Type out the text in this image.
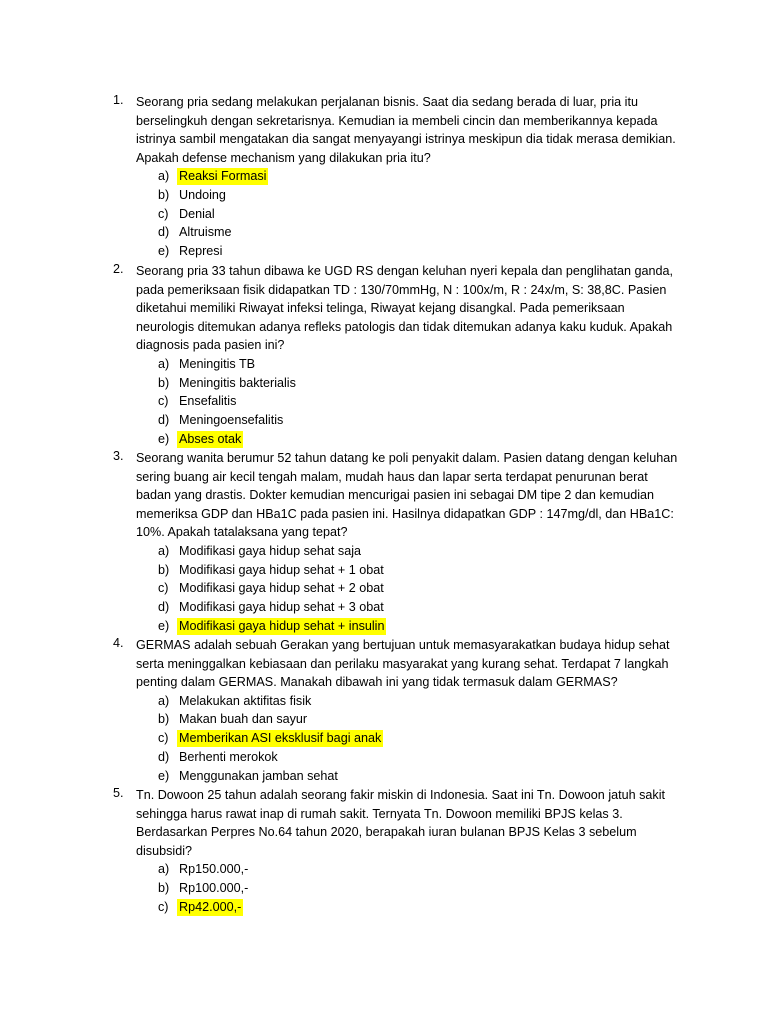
1. Seorang pria sedang melakukan perjalanan bisnis. Saat dia sedang berada di luar, pria itu
berselingkuh dengan sekretarisnya. Kemudian ia membeli cincin dan memberikannya kepada
istrinya sambil mengatakan dia sangat menyayangi istrinya meskipun dia tidak merasa demikian.
Apakah defense mechanism yang dilakukan pria itu?
a) Reaksi Formasi
b) Undoing
c) Denial
d) Altruisme
e) Represi
2. Seorang pria 33 tahun dibawa ke UGD RS dengan keluhan nyeri kepala dan penglihatan ganda,
pada pemeriksaan fisik didapatkan TD : 130/70mmHg, N : 100x/m, R : 24x/m, S: 38,8C. Pasien
diketahui memiliki Riwayat infeksi telinga, Riwayat kejang disangkal. Pada pemeriksaan
neurologis ditemukan adanya refleks patologis dan tidak ditemukan adanya kaku kuduk. Apakah
diagnosis pada pasien ini?
a) Meningitis TB
b) Meningitis bakterialis
c) Ensefalitis
d) Meningoensefalitis
e) Abses otak
3. Seorang wanita berumur 52 tahun datang ke poli penyakit dalam. Pasien datang dengan keluhan
sering buang air kecil tengah malam, mudah haus dan lapar serta terdapat penurunan berat
badan yang drastis. Dokter kemudian mencurigai pasien ini sebagai DM tipe 2 dan kemudian
memeriksa GDP dan HBa1C pada pasien ini. Hasilnya didapatkan GDP : 147mg/dl, dan HBa1C:
10%. Apakah tatalaksana yang tepat?
a) Modifikasi gaya hidup sehat saja
b) Modifikasi gaya hidup sehat + 1 obat
c) Modifikasi gaya hidup sehat + 2 obat
d) Modifikasi gaya hidup sehat + 3 obat
e) Modifikasi gaya hidup sehat + insulin
4. GERMAS adalah sebuah Gerakan yang bertujuan untuk memasyarakatkan budaya hidup sehat
serta meninggalkan kebiasaan dan perilaku masyarakat yang kurang sehat. Terdapat 7 langkah
penting dalam GERMAS. Manakah dibawah ini yang tidak termasuk dalam GERMAS?
a) Melakukan aktifitas fisik
b) Makan buah dan sayur
c) Memberikan ASI eksklusif bagi anak
d) Berhenti merokok
e) Menggunakan jamban sehat
5. Tn. Dowoon 25 tahun adalah seorang fakir miskin di Indonesia. Saat ini Tn. Dowoon jatuh sakit
sehingga harus rawat inap di rumah sakit. Ternyata Tn. Dowoon memiliki BPJS kelas 3.
Berdasarkan Perpres No.64 tahun 2020, berapakah iuran bulanan BPJS Kelas 3 sebelum
disubsidi?
a) Rp150.000,-
b) Rp100.000,-
c) Rp42.000,-
